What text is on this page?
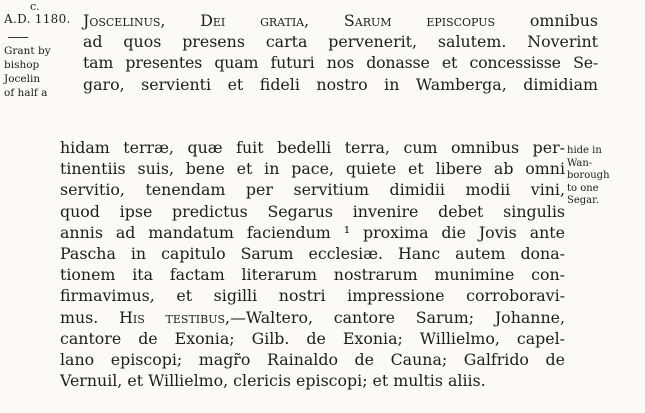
c.
A.D. 1180.
Grant by
bishop
Jocelin
of half a
Joscelinus, Dei gratia, Sarum episcopus omnibus
ad quos presens carta pervenerit, salutem. Noverint
tam presentes quam futuri nos donasse et concessisse Se-
garo, servienti et fideli nostro in Wamberga, dimidiam
hidam terræ, quæ fuit bedelli terra, cum omnibus per-
tinentiis suis, bene et in pace, quiete et libere ab omni
servitio, tenendam per servitium dimidii modii vini,
quod ipse predictus Segarus invenire debet singulis
annis ad mandatum faciendum ¹ proxima die Jovis ante
Pascha in capitulo Sarum ecclesiæ. Hanc autem dona-
tionem ita factam literarum nostrarum munimine con-
firmavimus, et sigilli nostri impressione corroboravi-
mus. His testibus,—Waltero, cantore Sarum; Johanne,
cantore de Exonia; Gilb. de Exonia; Willielmo, capel-
lano episcopi; magr̃o Rainaldo de Cauna; Galfrido de
Vernuil, et Willielmo, clericis episcopi; et multis aliis.
hide in
Wan-
borough
to one
Segar.
